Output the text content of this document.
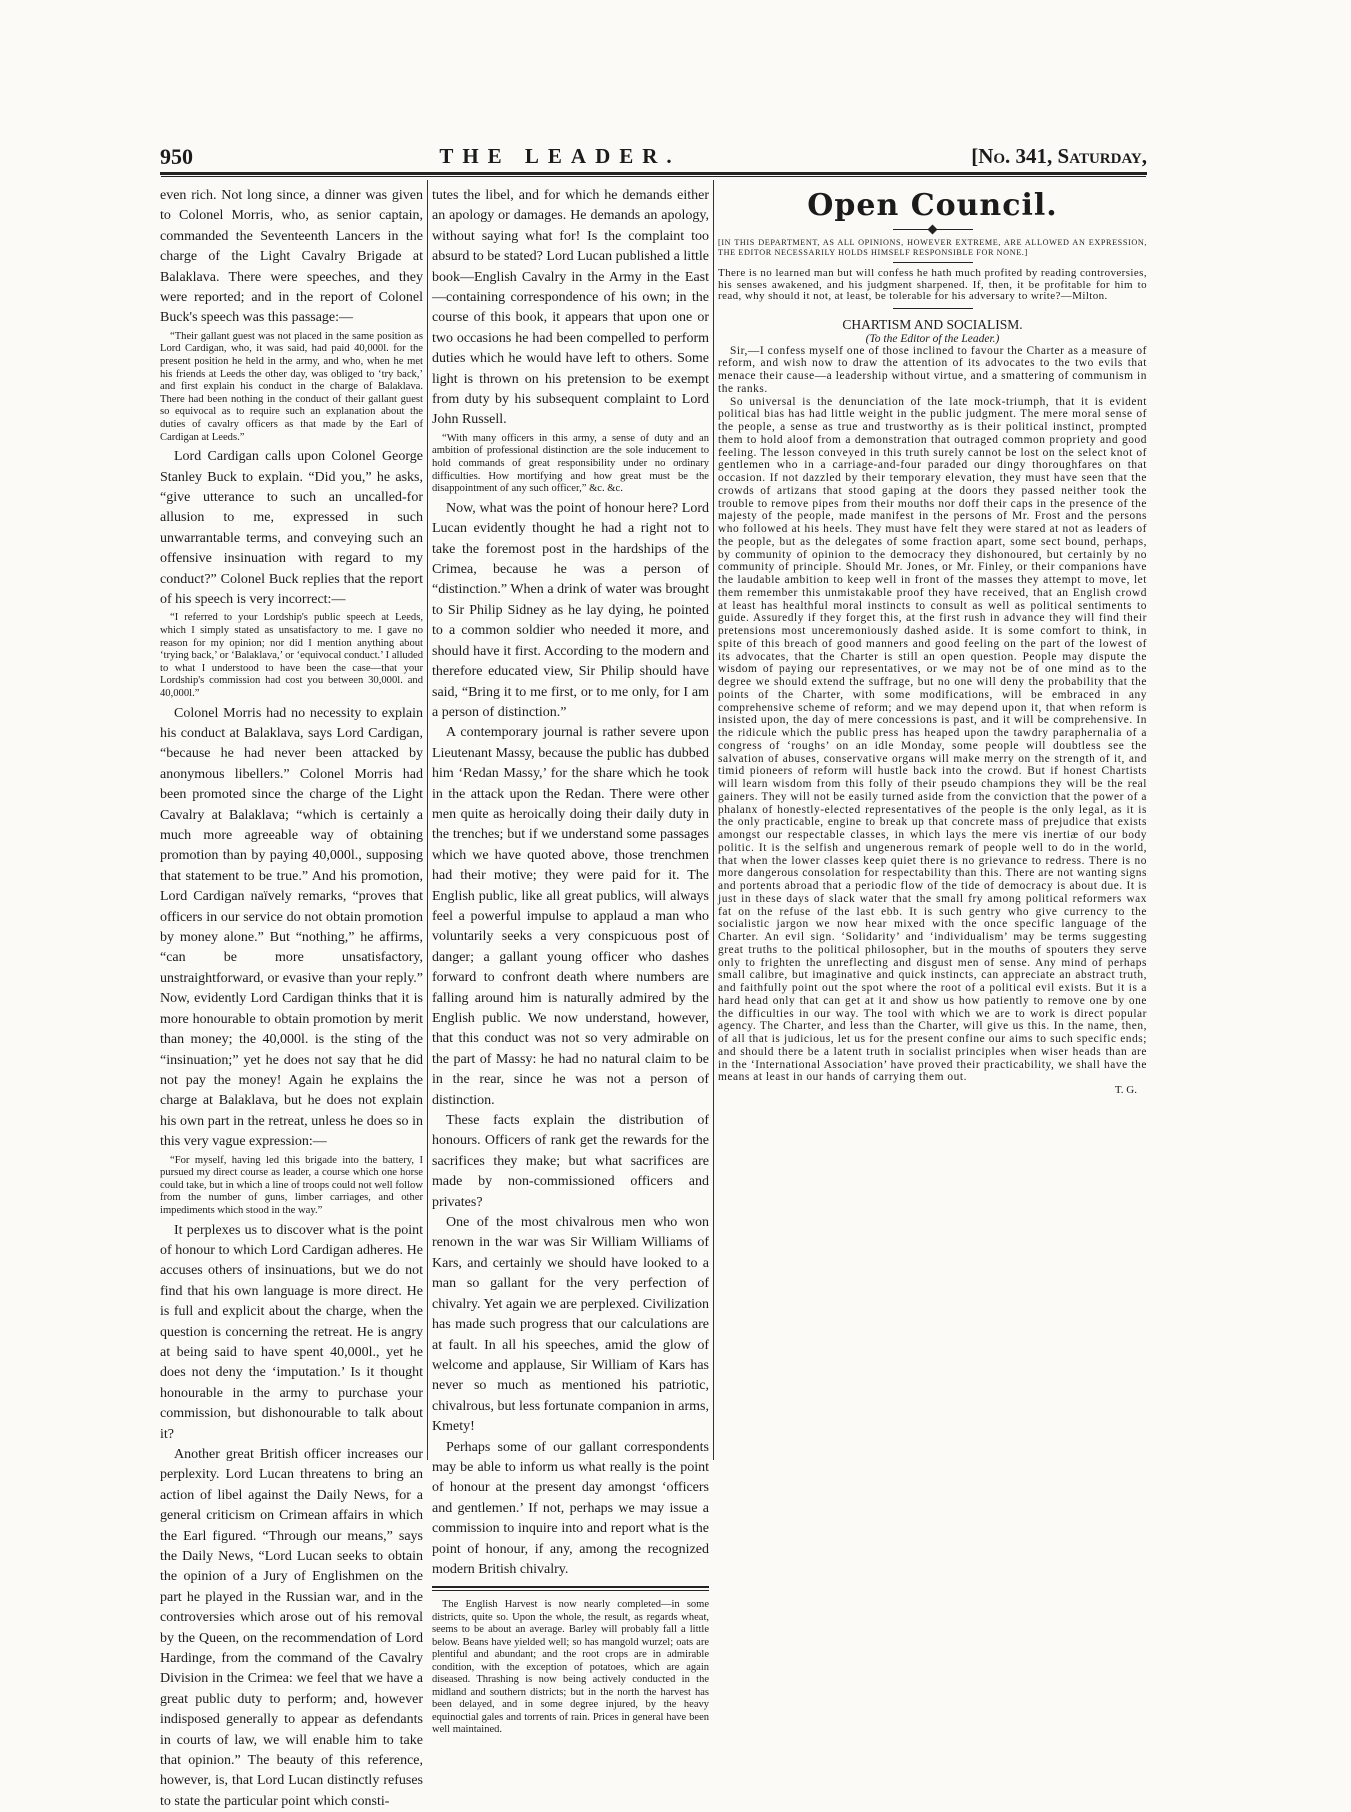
950	THE LEADER.	[No. 341, Saturday,

even rich. Not long since, a dinner was given to Colonel Morris, who, as senior captain, commanded the Seventeenth Lancers in the charge of the Light Cavalry Brigade at Balaklava. There were speeches, and they were reported; and in the report of Colonel Buck's speech was this passage:—

“Their gallant guest was not placed in the same position as Lord Cardigan, who, it was said, had paid 40,000l. for the present position he held in the army, and who, when he met his friends at Leeds the other day, was obliged to ‘try back,’ and first explain his conduct in the charge of Balaklava. There had been nothing in the conduct of their gallant guest so equivocal as to require such an explanation about the duties of cavalry officers as that made by the Earl of Cardigan at Leeds.”

Lord Cardigan calls upon Colonel George Stanley Buck to explain. “Did you,” he asks, “give utterance to such an uncalled-for allusion to me, expressed in such unwarrantable terms, and conveying such an offensive insinuation with regard to my conduct?” Colonel Buck replies that the report of his speech is very incorrect:—

“I referred to your Lordship's public speech at Leeds, which I simply stated as unsatisfactory to me. I gave no reason for my opinion; nor did I mention anything about ‘trying back,’ or ‘Balaklava,’ or ‘equivocal conduct.’ I alluded to what I understood to have been the case—that your Lordship's commission had cost you between 30,000l. and 40,000l.”

Colonel Morris had no necessity to explain his conduct at Balaklava, says Lord Cardigan, “because he had never been attacked by anonymous libellers.” Colonel Morris had been promoted since the charge of the Light Cavalry at Balaklava; “which is certainly a much more agreeable way of obtaining promotion than by paying 40,000l., supposing that statement to be true.” And his promotion, Lord Cardigan naïvely remarks, “proves that officers in our service do not obtain promotion by money alone.” But “nothing,” he affirms, “can be more unsatisfactory, unstraightforward, or evasive than your reply.” Now, evidently Lord Cardigan thinks that it is more honourable to obtain promotion by merit than money; the 40,000l. is the sting of the “insinuation;” yet he does not say that he did not pay the money! Again he explains the charge at Balaklava, but he does not explain his own part in the retreat, unless he does so in this very vague expression:—

“For myself, having led this brigade into the battery, I pursued my direct course as leader, a course which one horse could take, but in which a line of troops could not well follow from the number of guns, limber carriages, and other impediments which stood in the way.”

It perplexes us to discover what is the point of honour to which Lord Cardigan adheres. He accuses others of insinuations, but we do not find that his own language is more direct. He is full and explicit about the charge, when the question is concerning the retreat. He is angry at being said to have spent 40,000l., yet he does not deny the ‘imputation.’ Is it thought honourable in the army to purchase your commission, but dishonourable to talk about it?

Another great British officer increases our perplexity. Lord Lucan threatens to bring an action of libel against the Daily News, for a general criticism on Crimean affairs in which the Earl figured. “Through our means,” says the Daily News, “Lord Lucan seeks to obtain the opinion of a Jury of Englishmen on the part he played in the Russian war, and in the controversies which arose out of his removal by the Queen, on the recommendation of Lord Hardinge, from the command of the Cavalry Division in the Crimea: we feel that we have a great public duty to perform; and, however indisposed generally to appear as defendants in courts of law, we will enable him to take that opinion.” The beauty of this reference, however, is, that Lord Lucan distinctly refuses to state the particular point which consti-

tutes the libel, and for which he demands either an apology or damages. He demands an apology, without saying what for! Is the complaint too absurd to be stated? Lord Lucan published a little book—English Cavalry in the Army in the East—containing correspondence of his own; in the course of this book, it appears that upon one or two occasions he had been compelled to perform duties which he would have left to others. Some light is thrown on his pretension to be exempt from duty by his subsequent complaint to Lord John Russell.

“With many officers in this army, a sense of duty and an ambition of professional distinction are the sole inducement to hold commands of great responsibility under no ordinary difficulties. How mortifying and how great must be the disappointment of any such officer,” &c. &c.

Now, what was the point of honour here? Lord Lucan evidently thought he had a right not to take the foremost post in the hardships of the Crimea, because he was a person of “distinction.” When a drink of water was brought to Sir Philip Sidney as he lay dying, he pointed to a common soldier who needed it more, and should have it first. According to the modern and therefore educated view, Sir Philip should have said, “Bring it to me first, or to me only, for I am a person of distinction.”

A contemporary journal is rather severe upon Lieutenant Massy, because the public has dubbed him ‘Redan Massy,’ for the share which he took in the attack upon the Redan. There were other men quite as heroically doing their daily duty in the trenches; but if we understand some passages which we have quoted above, those trenchmen had their motive; they were paid for it. The English public, like all great publics, will always feel a powerful impulse to applaud a man who voluntarily seeks a very conspicuous post of danger; a gallant young officer who dashes forward to confront death where numbers are falling around him is naturally admired by the English public. We now understand, however, that this conduct was not so very admirable on the part of Massy: he had no natural claim to be in the rear, since he was not a person of distinction.

These facts explain the distribution of honours. Officers of rank get the rewards for the sacrifices they make; but what sacrifices are made by non-commissioned officers and privates?

One of the most chivalrous men who won renown in the war was Sir William Williams of Kars, and certainly we should have looked to a man so gallant for the very perfection of chivalry. Yet again we are perplexed. Civilization has made such progress that our calculations are at fault. In all his speeches, amid the glow of welcome and applause, Sir William of Kars has never so much as mentioned his patriotic, chivalrous, but less fortunate companion in arms, Kmety!

Perhaps some of our gallant correspondents may be able to inform us what really is the point of honour at the present day amongst ‘officers and gentlemen.’ If not, perhaps we may issue a commission to inquire into and report what is the point of honour, if any, among the recognized modern British chivalry.

The English Harvest is now nearly completed—in some districts, quite so. Upon the whole, the result, as regards wheat, seems to be about an average. Barley will probably fall a little below. Beans have yielded well; so has mangold wurzel; oats are plentiful and abundant; and the root crops are in admirable condition, with the exception of potatoes, which are again diseased. Thrashing is now being actively conducted in the midland and southern districts; but in the north the harvest has been delayed, and in some degree injured, by the heavy equinoctial gales and torrents of rain. Prices in general have been well maintained.

Open Council.
[IN THIS DEPARTMENT, AS ALL OPINIONS, HOWEVER EXTREME, ARE ALLOWED AN EXPRESSION, THE EDITOR NECESSARILY HOLDS HIMSELF RESPONSIBLE FOR NONE.]
There is no learned man but will confess he hath much profited by reading controversies, his senses awakened, and his judgment sharpened. If, then, it be profitable for him to read, why should it not, at least, be tolerable for his adversary to write?—Milton.
CHARTISM AND SOCIALISM.
(To the Editor of the Leader.)

Sir,—I confess myself one of those inclined to favour the Charter as a measure of reform, and wish now to draw the attention of its advocates to the two evils that menace their cause—a leadership without virtue, and a smattering of communism in the ranks.

So universal is the denunciation of the late mock-triumph, that it is evident political bias has had little weight in the public judgment. The mere moral sense of the people, a sense as true and trustworthy as is their political instinct, prompted them to hold aloof from a demonstration that outraged common propriety and good feeling. The lesson conveyed in this truth surely cannot be lost on the select knot of gentlemen who in a carriage-and-four paraded our dingy thoroughfares on that occasion. If not dazzled by their temporary elevation, they must have seen that the crowds of artizans that stood gaping at the doors they passed neither took the trouble to remove pipes from their mouths nor doff their caps in the presence of the majesty of the people, made manifest in the persons of Mr. Frost and the persons who followed at his heels. They must have felt they were stared at not as leaders of the people, but as the delegates of some fraction apart, some sect bound, perhaps, by community of opinion to the democracy they dishonoured, but certainly by no community of principle. Should Mr. Jones, or Mr. Finley, or their companions have the laudable ambition to keep well in front of the masses they attempt to move, let them remember this unmistakable proof they have received, that an English crowd at least has healthful moral instincts to consult as well as political sentiments to guide. Assuredly if they forget this, at the first rush in advance they will find their pretensions most unceremoniously dashed aside. It is some comfort to think, in spite of this breach of good manners and good feeling on the part of the lowest of its advocates, that the Charter is still an open question. People may dispute the wisdom of paying our representatives, or we may not be of one mind as to the degree we should extend the suffrage, but no one will deny the probability that the points of the Charter, with some modifications, will be embraced in any comprehensive scheme of reform; and we may depend upon it, that when reform is insisted upon, the day of mere concessions is past, and it will be comprehensive. In the ridicule which the public press has heaped upon the tawdry paraphernalia of a congress of ‘roughs’ on an idle Monday, some people will doubtless see the salvation of abuses, conservative organs will make merry on the strength of it, and timid pioneers of reform will hustle back into the crowd. But if honest Chartists will learn wisdom from this folly of their pseudo champions they will be the real gainers. They will not be easily turned aside from the conviction that the power of a phalanx of honestly-elected representatives of the people is the only legal, as it is the only practicable, engine to break up that concrete mass of prejudice that exists amongst our respectable classes, in which lays the mere vis inertiæ of our body politic. It is the selfish and ungenerous remark of people well to do in the world, that when the lower classes keep quiet there is no grievance to redress. There is no more dangerous consolation for respectability than this. There are not wanting signs and portents abroad that a periodic flow of the tide of democracy is about due. It is just in these days of slack water that the small fry among political reformers wax fat on the refuse of the last ebb. It is such gentry who give currency to the socialistic jargon we now hear mixed with the once specific language of the Charter. An evil sign. ‘Solidarity’ and ‘individualism’ may be terms suggesting great truths to the political philosopher, but in the mouths of spouters they serve only to frighten the unreflecting and disgust men of sense. Any mind of perhaps small calibre, but imaginative and quick instincts, can appreciate an abstract truth, and faithfully point out the spot where the root of a political evil exists. But it is a hard head only that can get at it and show us how patiently to remove one by one the difficulties in our way. The tool with which we are to work is direct popular agency. The Charter, and less than the Charter, will give us this. In the name, then, of all that is judicious, let us for the present confine our aims to such specific ends; and should there be a latent truth in socialist principles when wiser heads than are in the ‘International Association’ have proved their practicability, we shall have the means at least in our hands of carrying them out.

T. G.
